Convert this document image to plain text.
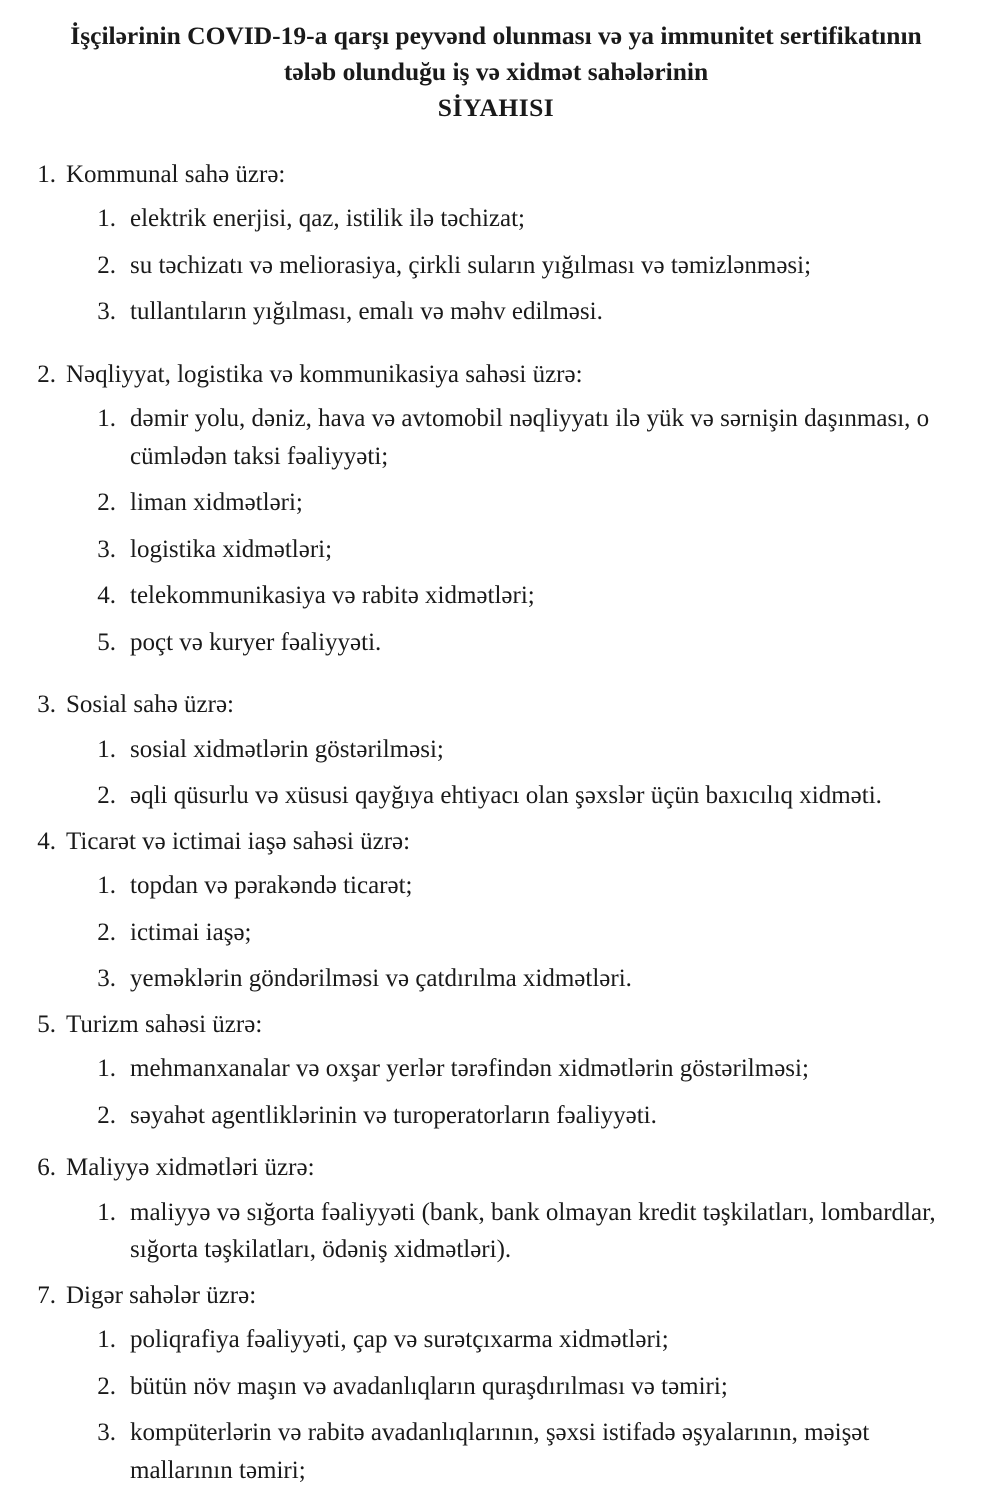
İşçilərinin COVID-19-a qarşı peyvənd olunması və ya immunitet sertifikatının
tələb olunduğu iş və xidmət sahələrinin
SİYAHISI
1. Kommunal sahə üzrə:
1. elektrik enerjisi, qaz, istilik ilə təchizat;
2. su təchizatı və meliorasiya, çirkli suların yığılması və təmizlənməsi;
3. tullantıların yığılması, emalı və məhv edilməsi.
2. Nəqliyyat, logistika və kommunikasiya sahəsi üzrə:
1. dəmir yolu, dəniz, hava və avtomobil nəqliyyatı ilə yük və sərnişin daşınması, o cümlədən taksi fəaliyyəti;
2. liman xidmətləri;
3. logistika xidmətləri;
4. telekommunikasiya və rabitə xidmətləri;
5. poçt və kuryer fəaliyyəti.
3. Sosial sahə üzrə:
1. sosial xidmətlərin göstərilməsi;
2. əqli qüsurlu və xüsusi qayğıya ehtiyacı olan şəxslər üçün baxıcılıq xidməti.
4. Ticarət və ictimai iaşə sahəsi üzrə:
1. topdan və pərakəndə ticarət;
2. ictimai iaşə;
3. yeməklərin göndərilməsi və çatdırılma xidmətləri.
5. Turizm sahəsi üzrə:
1. mehmanxanalar və oxşar yerlər tərəfindən xidmətlərin göstərilməsi;
2. səyahət agentliklərinin və turoperatorların fəaliyyəti.
6. Maliyyə xidmətləri üzrə:
1. maliyyə və sığorta fəaliyyəti (bank, bank olmayan kredit təşkilatları, lombardlar, sığorta təşkilatları, ödəniş xidmətləri).
7. Digər sahələr üzrə:
1. poliqrafiya fəaliyyəti, çap və surətçıxarma xidmətləri;
2. bütün növ maşın və avadanlıqların quraşdırılması və təmiri;
3. kompüterlərin və rabitə avadanlıqlarının, şəxsi istifadə əşyalarının, məişət mallarının təmiri;
